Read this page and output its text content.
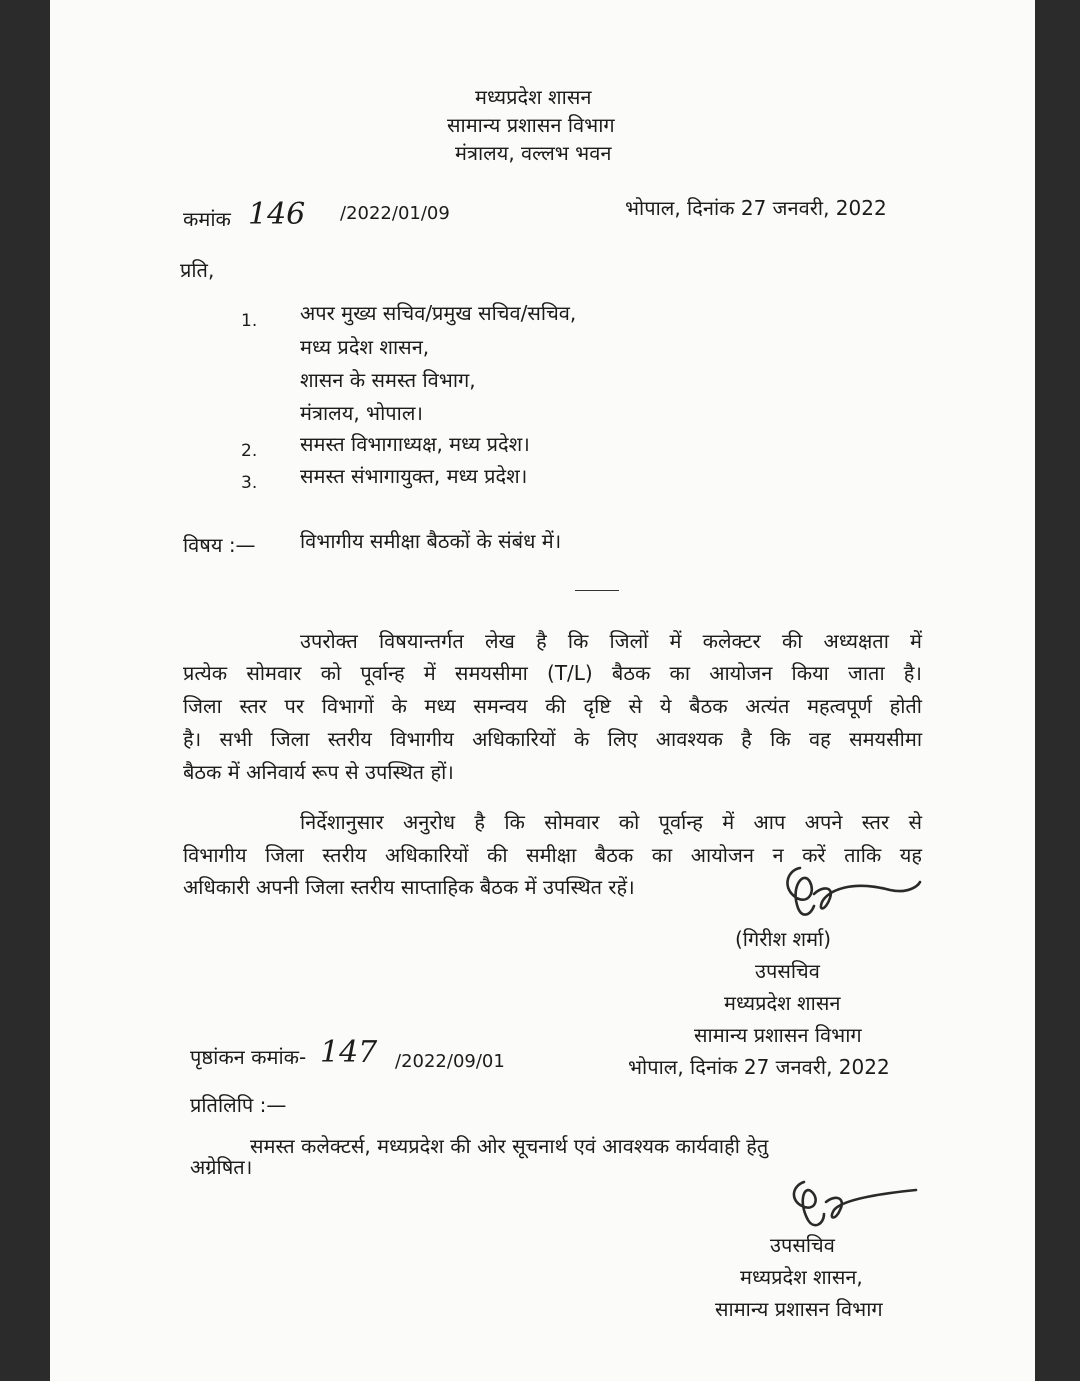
मध्यप्रदेश शासन
सामान्य प्रशासन विभाग
मंत्रालय, वल्लभ भवन
कमांक 146 /2022/01/09	भोपाल, दिनांक 27 जनवरी, 2022
प्रति,
1. अपर मुख्य सचिव/प्रमुख सचिव/सचिव,
मध्य प्रदेश शासन,
शासन के समस्त विभाग,
मंत्रालय, भोपाल।
2. समस्त विभागाध्यक्ष, मध्य प्रदेश।
3. समस्त संभागायुक्त, मध्य प्रदेश।
विषय :— विभागीय समीक्षा बैठकों के संबंध में।
उपरोक्त विषयान्तर्गत लेख है कि जिलों में कलेक्टर की अध्यक्षता में
प्रत्येक सोमवार को पूर्वान्ह में समयसीमा (T/L) बैठक का आयोजन किया जाता है।
जिला स्तर पर विभागों के मध्य समन्वय की दृष्टि से ये बैठक अत्यंत महत्वपूर्ण होती
है। सभी जिला स्तरीय विभागीय अधिकारियों के लिए आवश्यक है कि वह समयसीमा
बैठक में अनिवार्य रूप से उपस्थित हों।
निर्देशानुसार अनुरोध है कि सोमवार को पूर्वान्ह में आप अपने स्तर से
विभागीय जिला स्तरीय अधिकारियों की समीक्षा बैठक का आयोजन न करें ताकि यह
अधिकारी अपनी जिला स्तरीय साप्ताहिक बैठक में उपस्थित रहें।
(गिरीश शर्मा)
उपसचिव
मध्यप्रदेश शासन
सामान्य प्रशासन विभाग
पृष्ठांकन कमांक- 147 /2022/09/01	भोपाल, दिनांक 27 जनवरी, 2022
प्रतिलिपि :—
समस्त कलेक्टर्स, मध्यप्रदेश की ओर सूचनार्थ एवं आवश्यक कार्यवाही हेतु
अग्रेषित।
उपसचिव
मध्यप्रदेश शासन,
सामान्य प्रशासन विभाग
